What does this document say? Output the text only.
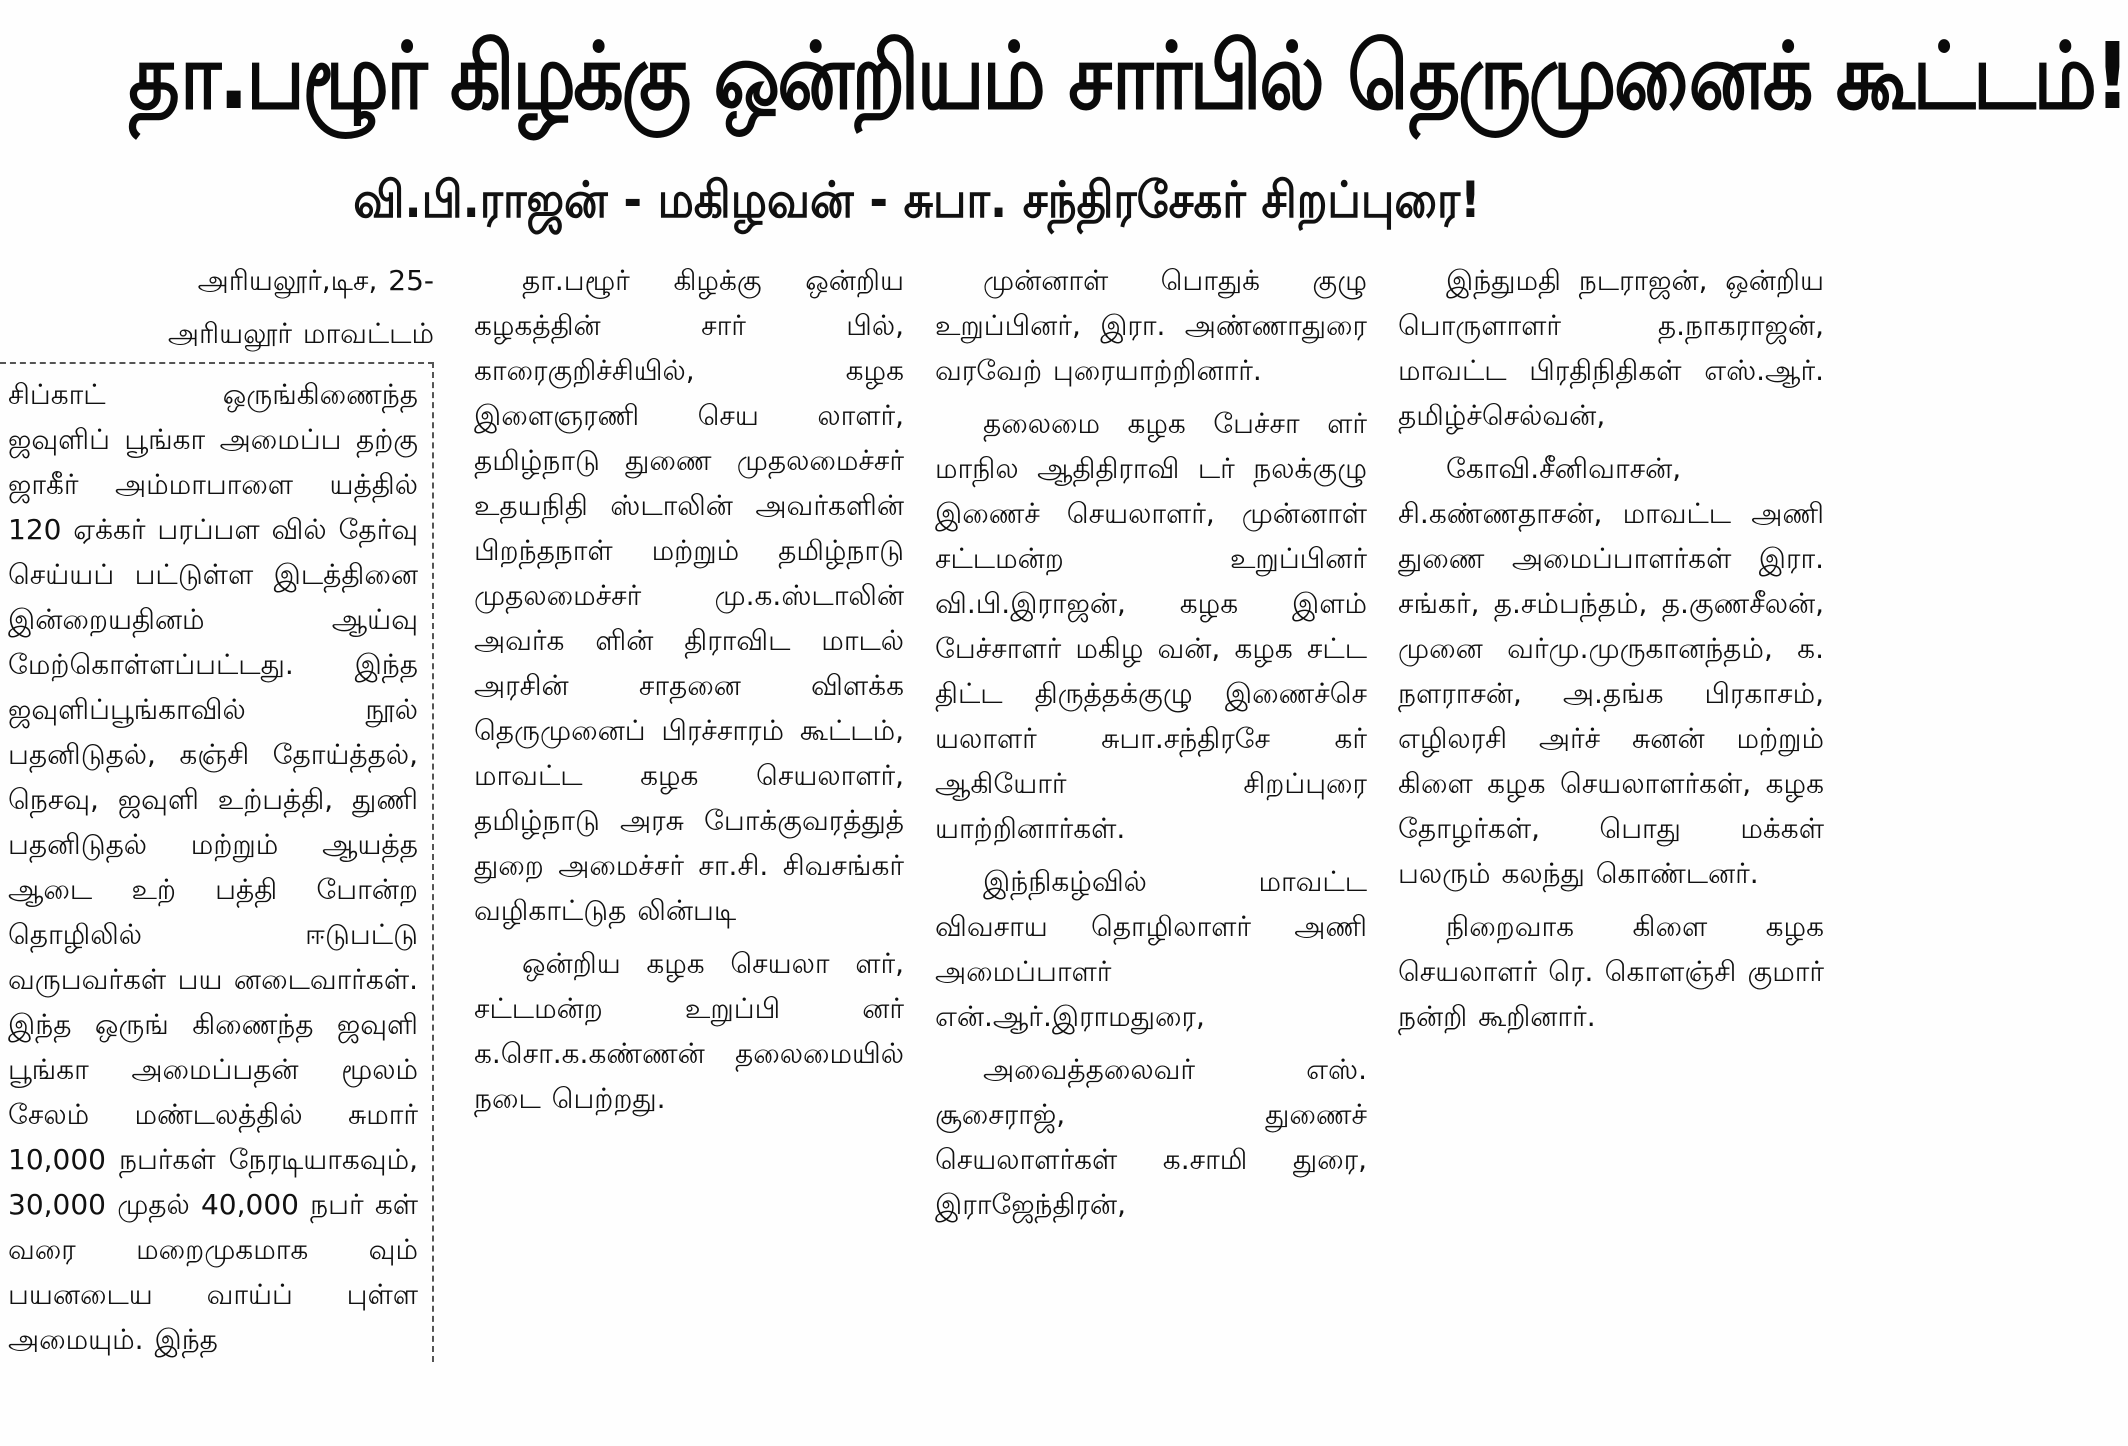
தா.பழூர் கிழக்கு ஒன்றியம் சார்பில் தெருமுனைக் கூட்டம்!
வி.பி.ராஜன் - மகிழவன் - சுபா. சந்திரசேகர் சிறப்புரை!

அரியலூர்,டிச, 25-

அரியலூர் மாவட்டம்

சிப்காட் ஒருங்கிணைந்த ஜவுளிப் பூங்கா அமைப்ப தற்கு ஜாகீர் அம்மாபாளை யத்தில் 120 ஏக்கர் பரப்பள வில் தேர்வு செய்யப் பட்டுள்ள இடத்தினை இன்றையதினம் ஆய்வு மேற்கொள்ளப்பட்டது. இந்த ஜவுளிப்பூங்காவில் நூல் பதனிடுதல், கஞ்சி தோய்த்தல், நெசவு, ஜவுளி உற்பத்தி, துணி பதனிடுதல் மற்றும் ஆயத்த ஆடை உற் பத்தி போன்ற தொழிலில் ஈடுபட்டு வருபவர்கள் பய னடைவார்கள். இந்த ஒருங் கிணைந்த ஜவுளி பூங்கா அமைப்பதன் மூலம் சேலம் மண்டலத்தில் சுமார் 10,000 நபர்கள் நேரடியாகவும், 30,000 முதல் 40,000 நபர் கள் வரை மறைமுகமாக வும் பயனடைய வாய்ப் புள்ள அமையும். இந்த

தா.பழூர் கிழக்கு ஒன்றிய கழகத்தின் சார் பில், காரைகுறிச்சியில், கழக இளைஞரணி செய லாளர், தமிழ்நாடு துணை முதலமைச்சர் உதயநிதி ஸ்டாலின் அவர்களின் பிறந்தநாள் மற்றும் தமிழ்நாடு முதலமைச்சர் மு.க.ஸ்டாலின் அவர்க ளின் திராவிட மாடல் அரசின் சாதனை விளக்க தெருமுனைப் பிரச்சாரம் கூட்டம், மாவட்ட கழக செயலாளர், தமிழ்நாடு அரசு போக்குவரத்துத் துறை அமைச்சர் சா.சி. சிவசங்கர் வழிகாட்டுத லின்படி

ஒன்றிய கழக செயலா ளர், சட்டமன்ற உறுப்பி னர் க.சொ.க.கண்ணன் தலைமையில் நடை பெற்றது.

முன்னாள் பொதுக் குழு உறுப்பினர், இரா. அண்ணாதுரை வரவேற் புரையாற்றினார்.

தலைமை கழக பேச்சா ளர் மாநில ஆதிதிராவி டர் நலக்குழு இணைச் செயலாளர், முன்னாள் சட்டமன்ற உறுப்பினர் வி.பி.இராஜன், கழக இளம் பேச்சாளர் மகிழ வன், கழக சட்ட திட்ட திருத்தக்குழு இணைச்செ யலாளர் சுபா.சந்திரசே கர் ஆகியோர் சிறப்புரை யாற்றினார்கள்.

இந்நிகழ்வில் மாவட்ட விவசாய தொழிலாளர் அணி அமைப்பாளர் என்.ஆர்.இராமதுரை,

அவைத்தலைவர் எஸ். சூசைராஜ், துணைச் செயலாளர்கள் க.சாமி துரை, இராஜேந்திரன்,

இந்துமதி நடராஜன், ஒன்றிய பொருளாளர் த.நாகராஜன், மாவட்ட பிரதிநிதிகள் எஸ்.ஆர். தமிழ்ச்செல்வன்,

கோவி.சீனிவாசன், சி.கண்ணதாசன், மாவட்ட அணி துணை அமைப்பாளர்கள் இரா. சங்கர், த.சம்பந்தம், த.குணசீலன், முனை வர்மு.முருகானந்தம், க. நளராசன், அ.தங்க பிரகாசம், எழிலரசி அர்ச் சுனன் மற்றும் கிளை கழக செயலாளர்கள், கழக தோழர்கள், பொது மக்கள் பலரும் கலந்து கொண்டனர்.

நிறைவாக கிளை கழக செயலாளர் ரெ. கொளஞ்சி குமார் நன்றி கூறினார்.
